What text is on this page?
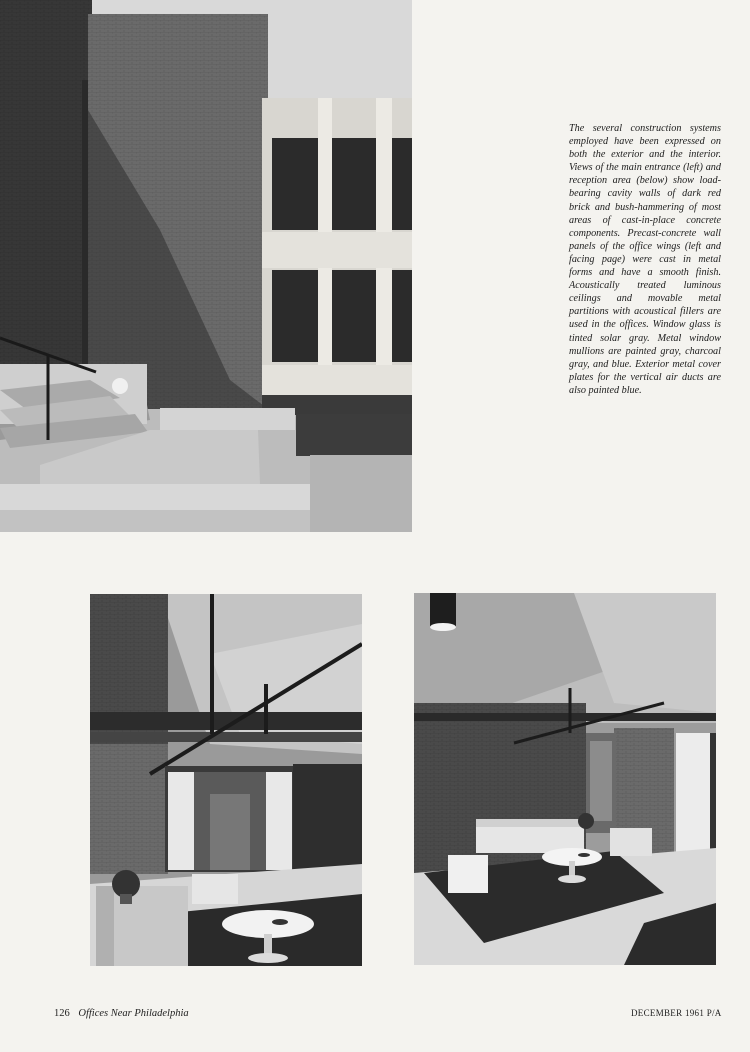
The several construction systems employed have been expressed on both the exterior and the interior. Views of the main entrance (left) and reception area (below) show load-bearing cavity walls of dark red brick and bush-hammering of most areas of cast-in-place concrete components. Precast-concrete wall panels of the office wings (left and facing page) were cast in metal forms and have a smooth finish. Acoustically treated luminous ceilings and movable metal partitions with acoustical fillers are used in the offices. Window glass is tinted solar gray. Metal window mullions are painted gray, charcoal gray, and blue. Exterior metal cover plates for the vertical air ducts are also painted blue.

126 Offices Near Philadelphia	DECEMBER 1961 P/A
